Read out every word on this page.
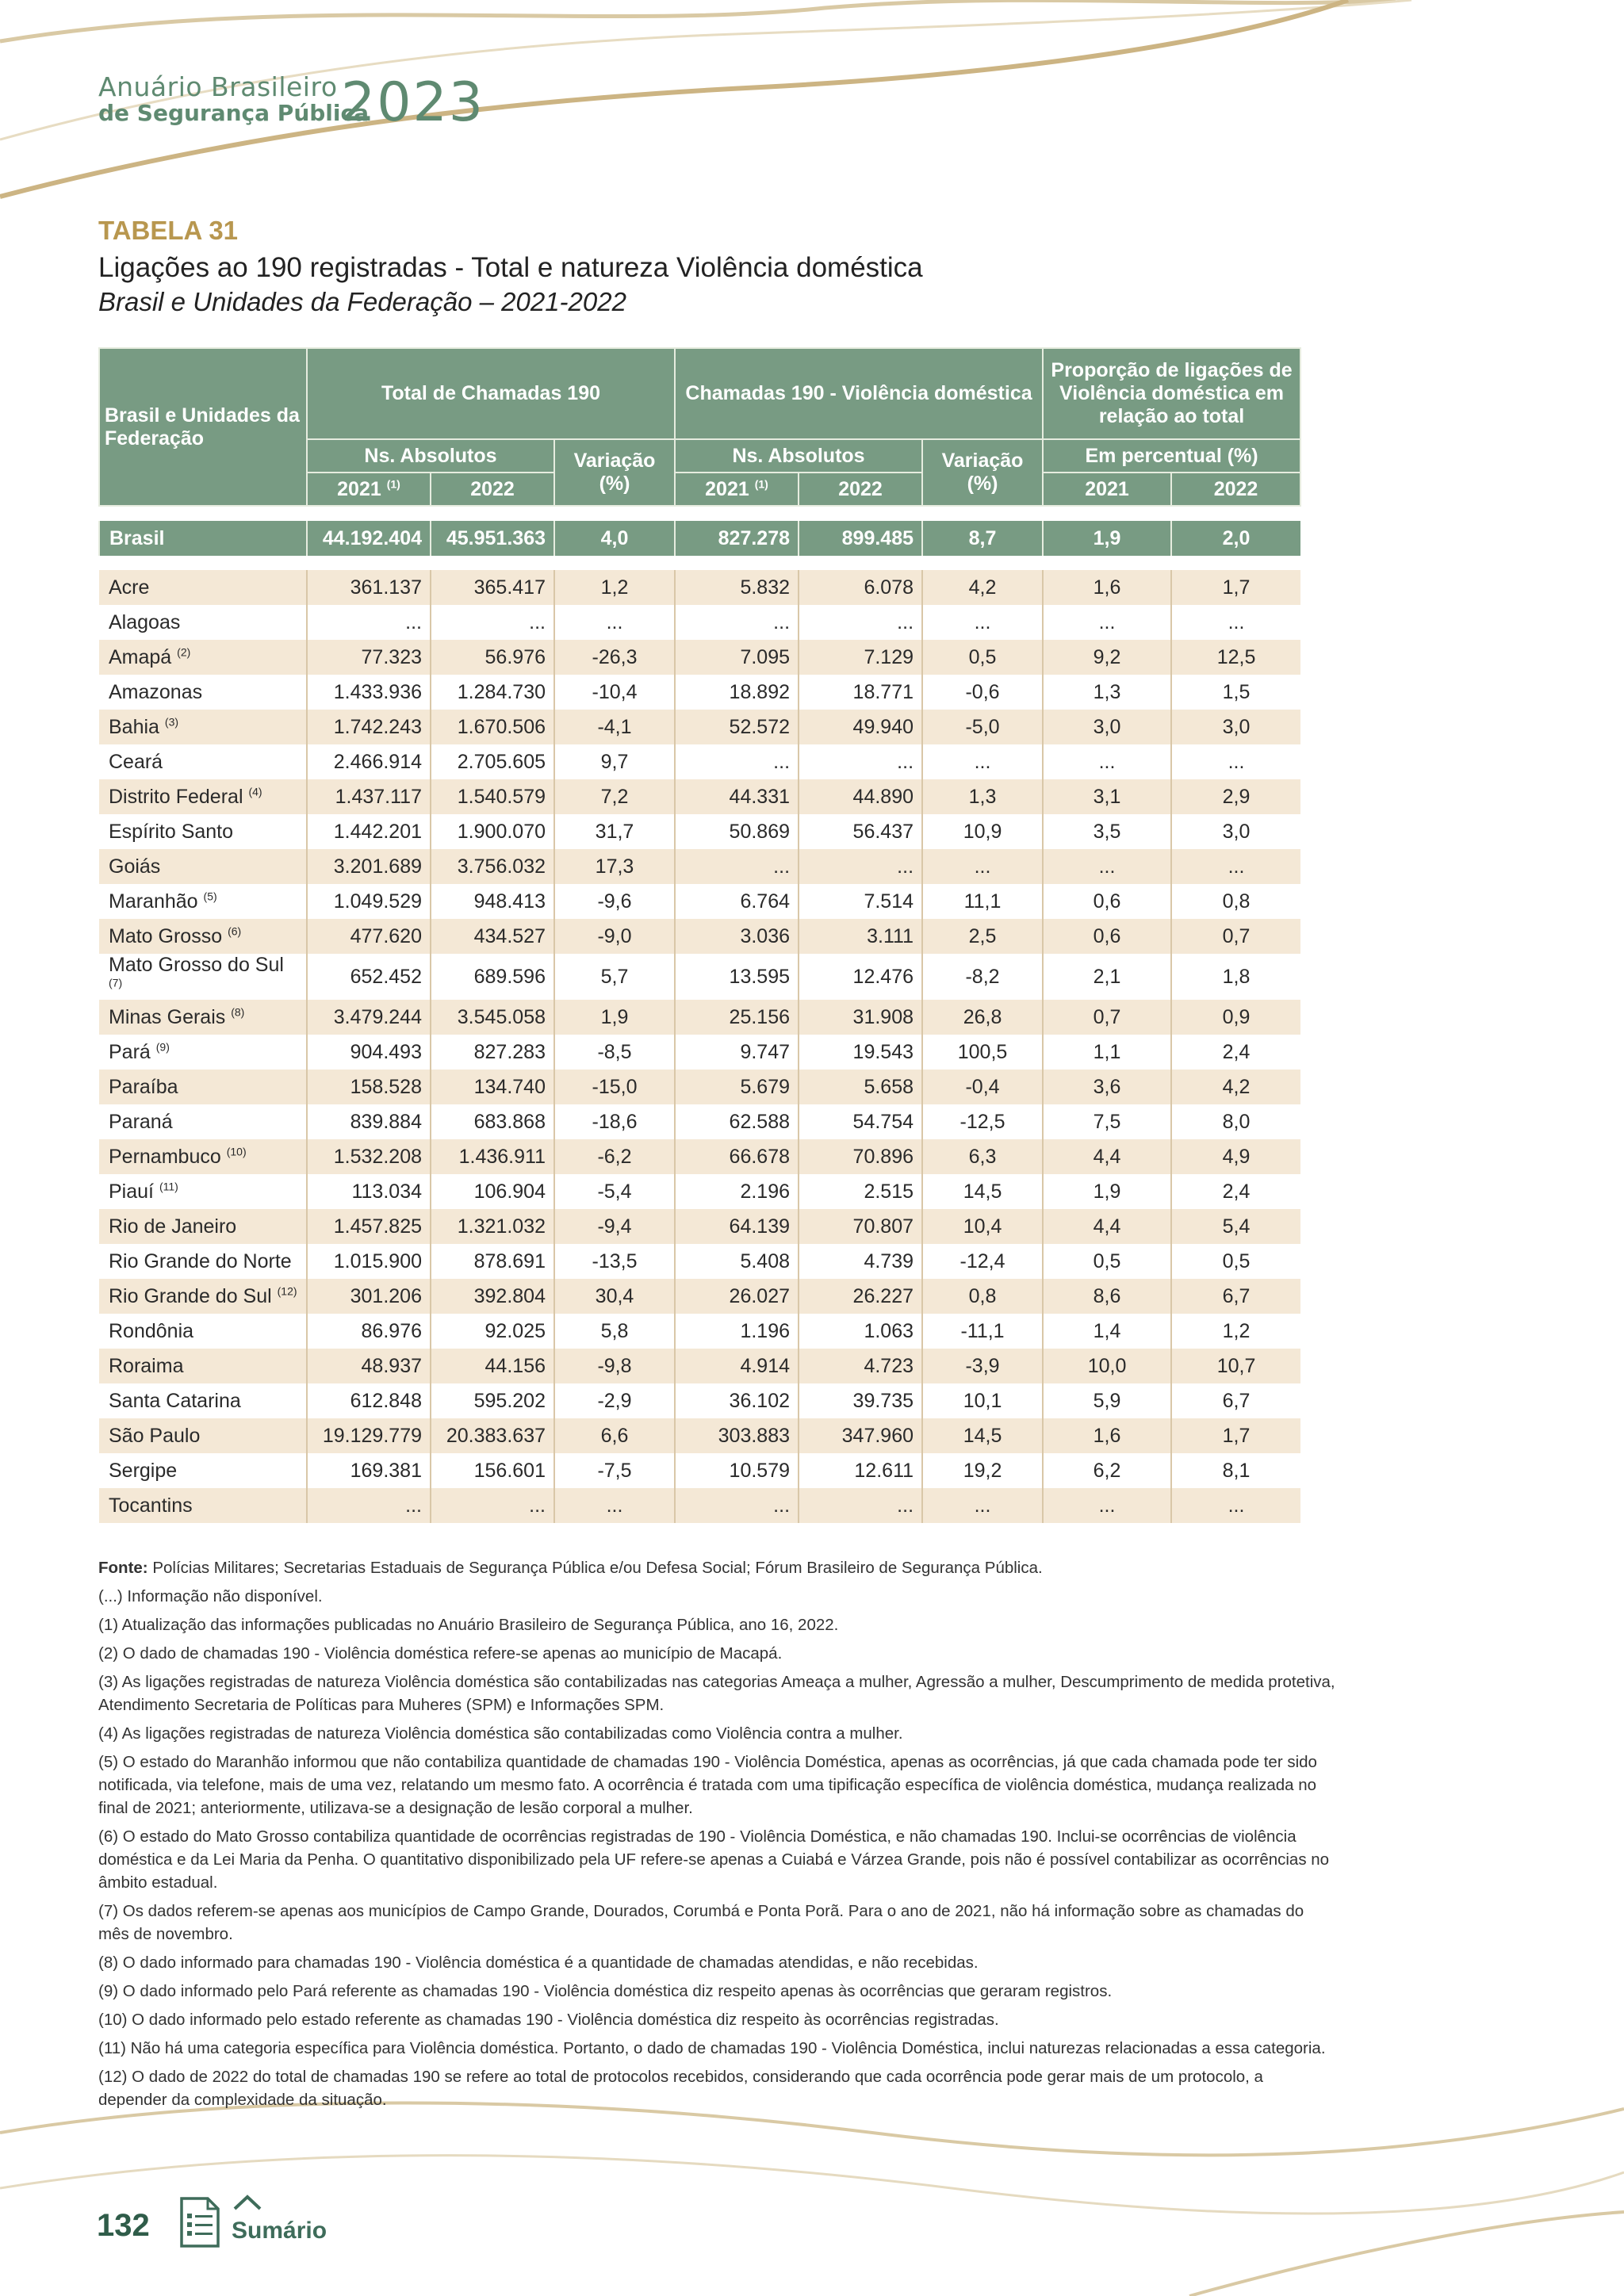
Anuário Brasileiro
de Segurança Pública
2023
TABELA 31
Ligações ao 190 registradas - Total e natureza Violência doméstica
Brasil e Unidades da Federação – 2021-2022
Brasil e Unidades da Federação	Total de Chamadas 190			Chamadas 190 - Violência doméstica			Proporção de ligações de Violência doméstica em relação ao total	
	Ns. Absolutos		Variação (%)	Ns. Absolutos		Variação (%)	Em percentual (%)	
	2021 $^{(1)}$	2022		2021 $^{(1)}$	2022		2021	2022

Brasil	44.192.404	45.951.363	4,0	827.278	899.485	8,7	1,9	2,0

Acre	361.137	365.417	1,2	5.832	6.078	4,2	1,6	1,7
Alagoas	...	...	...	...	...	...	...	...
Amapá $^{(2)}$	77.323	56.976	-26,3	7.095	7.129	0,5	9,2	12,5
Amazonas	1.433.936	1.284.730	-10,4	18.892	18.771	-0,6	1,3	1,5
Bahia $^{(3)}$	1.742.243	1.670.506	-4,1	52.572	49.940	-5,0	3,0	3,0
Ceará	2.466.914	2.705.605	9,7	...	...	...	...	...
Distrito Federal $^{(4)}$	1.437.117	1.540.579	7,2	44.331	44.890	1,3	3,1	2,9
Espírito Santo	1.442.201	1.900.070	31,7	50.869	56.437	10,9	3,5	3,0
Goiás	3.201.689	3.756.032	17,3	...	...	...	...	...
Maranhão $^{(5)}$	1.049.529	948.413	-9,6	6.764	7.514	11,1	0,6	0,8
Mato Grosso $^{(6)}$	477.620	434.527	-9,0	3.036	3.111	2,5	0,6	0,7
Mato Grosso do Sul $^{(7)}$	652.452	689.596	5,7	13.595	12.476	-8,2	2,1	1,8
Minas Gerais $^{(8)}$	3.479.244	3.545.058	1,9	25.156	31.908	26,8	0,7	0,9
Pará $^{(9)}$	904.493	827.283	-8,5	9.747	19.543	100,5	1,1	2,4
Paraíba	158.528	134.740	-15,0	5.679	5.658	-0,4	3,6	4,2
Paraná	839.884	683.868	-18,6	62.588	54.754	-12,5	7,5	8,0
Pernambuco $^{(10)}$	1.532.208	1.436.911	-6,2	66.678	70.896	6,3	4,4	4,9
Piauí $^{(11)}$	113.034	106.904	-5,4	2.196	2.515	14,5	1,9	2,4
Rio de Janeiro	1.457.825	1.321.032	-9,4	64.139	70.807	10,4	4,4	5,4
Rio Grande do Norte	1.015.900	878.691	-13,5	5.408	4.739	-12,4	0,5	0,5
Rio Grande do Sul $^{(12)}$	301.206	392.804	30,4	26.027	26.227	0,8	8,6	6,7
Rondônia	86.976	92.025	5,8	1.196	1.063	-11,1	1,4	1,2
Roraima	48.937	44.156	-9,8	4.914	4.723	-3,9	10,0	10,7
Santa Catarina	612.848	595.202	-2,9	36.102	39.735	10,1	5,9	6,7
São Paulo	19.129.779	20.383.637	6,6	303.883	347.960	14,5	1,6	1,7
Sergipe	169.381	156.601	-7,5	10.579	12.611	19,2	6,2	8,1
Tocantins	...	...	...	...	...	...	...	...

Fonte: Polícias Militares; Secretarias Estaduais de Segurança Pública e/ou Defesa Social; Fórum Brasileiro de Segurança Pública.

(...) Informação não disponível.

(1) Atualização das informações publicadas no Anuário Brasileiro de Segurança Pública, ano 16, 2022.

(2) O dado de chamadas 190 - Violência doméstica refere-se apenas ao município de Macapá.

(3) As ligações registradas de natureza Violência doméstica são contabilizadas nas categorias Ameaça a mulher, Agressão a mulher, Descumprimento de medida protetiva, Atendimento Secretaria de Políticas para Muheres (SPM) e Informações SPM.

(4) As ligações registradas de natureza Violência doméstica são contabilizadas como Violência contra a mulher.

(5) O estado do Maranhão informou que não contabiliza quantidade de chamadas 190 - Violência Doméstica, apenas as ocorrências, já que cada chamada pode ter sido notificada, via telefone, mais de uma vez, relatando um mesmo fato. A ocorrência é tratada com uma tipificação específica de violência doméstica, mudança realizada no final de 2021; anteriormente, utilizava-se a designação de lesão corporal a mulher.

(6) O estado do Mato Grosso contabiliza quantidade de ocorrências registradas de 190 - Violência Doméstica, e não chamadas 190. Inclui-se ocorrências de violência doméstica e da Lei Maria da Penha. O quantitativo disponibilizado pela UF refere-se apenas a Cuiabá e Várzea Grande, pois não é possível contabilizar as ocorrências no âmbito estadual.

(7) Os dados referem-se apenas aos municípios de Campo Grande, Dourados, Corumbá e Ponta Porã. Para o ano de 2021, não há informação sobre as chamadas do mês de novembro.

(8) O dado informado para chamadas 190 - Violência doméstica é a quantidade de chamadas atendidas, e não recebidas.

(9) O dado informado pelo Pará referente as chamadas 190 - Violência doméstica diz respeito apenas às ocorrências que geraram registros.

(10) O dado informado pelo estado referente as chamadas 190 - Violência doméstica diz respeito às ocorrências registradas.

(11) Não há uma categoria específica para Violência doméstica. Portanto, o dado de chamadas 190 - Violência Doméstica, inclui naturezas relacionadas a essa categoria.

(12) O dado de 2022 do total de chamadas 190 se refere ao total de protocolos recebidos, considerando que cada ocorrência pode gerar mais de um protocolo, a depender da complexidade da situação.

132	Sumário
